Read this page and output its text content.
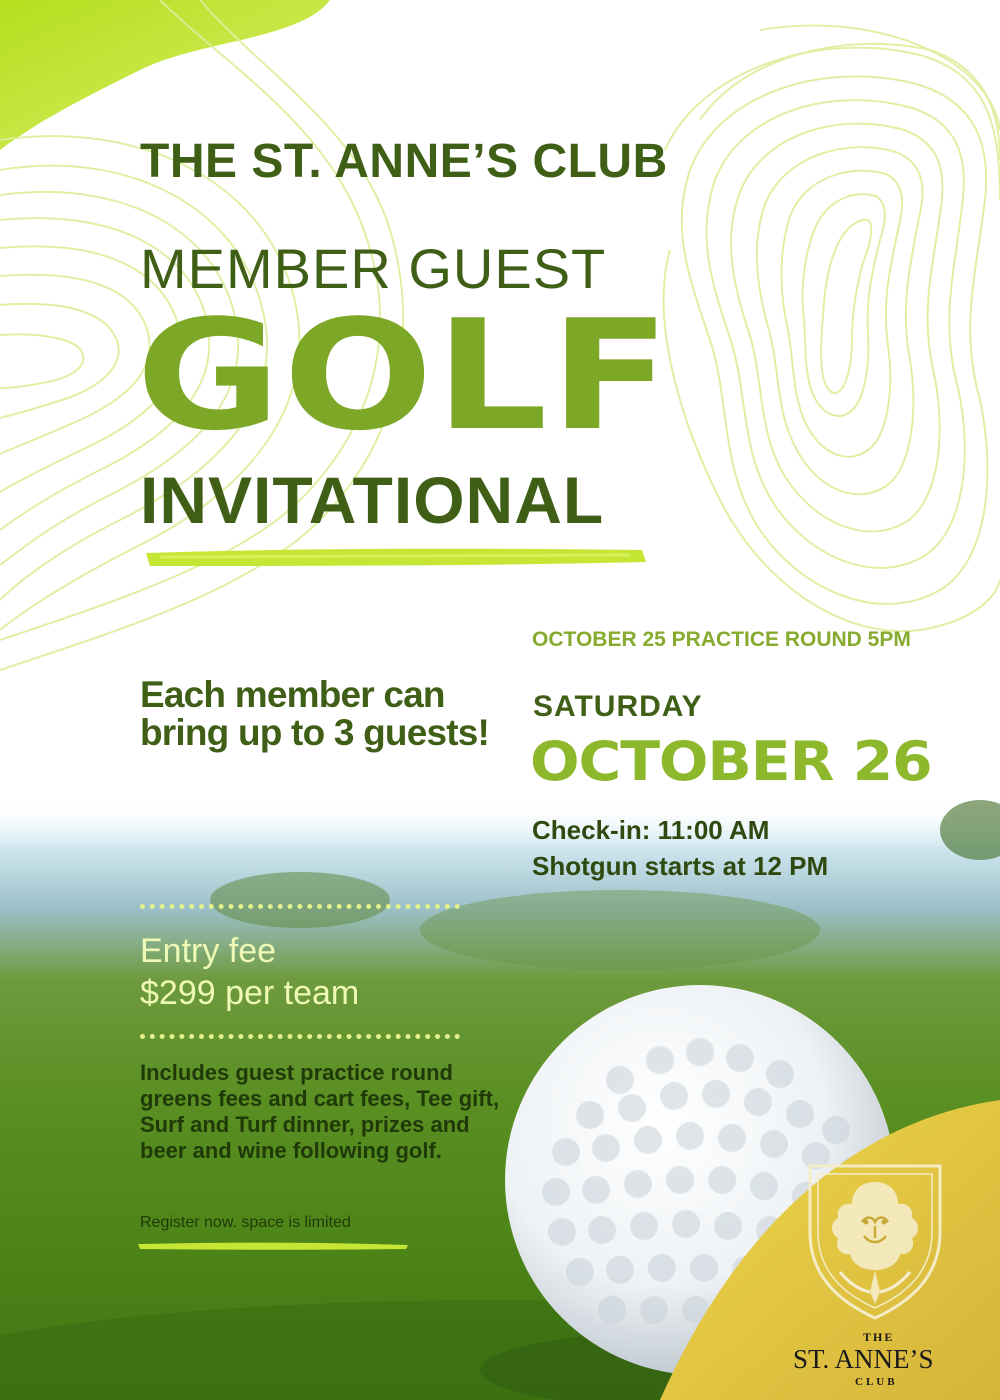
THE ST. ANNE’S CLUB
MEMBER GUEST
GOLF
INVITATIONAL
OCTOBER 25 PRACTICE ROUND 5PM
Each member can bring up to 3 guests!
SATURDAY
OCTOBER 26
Check-in: 11:00 AM
Shotgun starts at 12 PM
Entry fee
$299 per team
Includes guest practice round greens fees and cart fees, Tee gift, Surf and Turf dinner, prizes and beer and wine following golf.
Register now. space is limited
THE
ST. ANNE’S
CLUB
